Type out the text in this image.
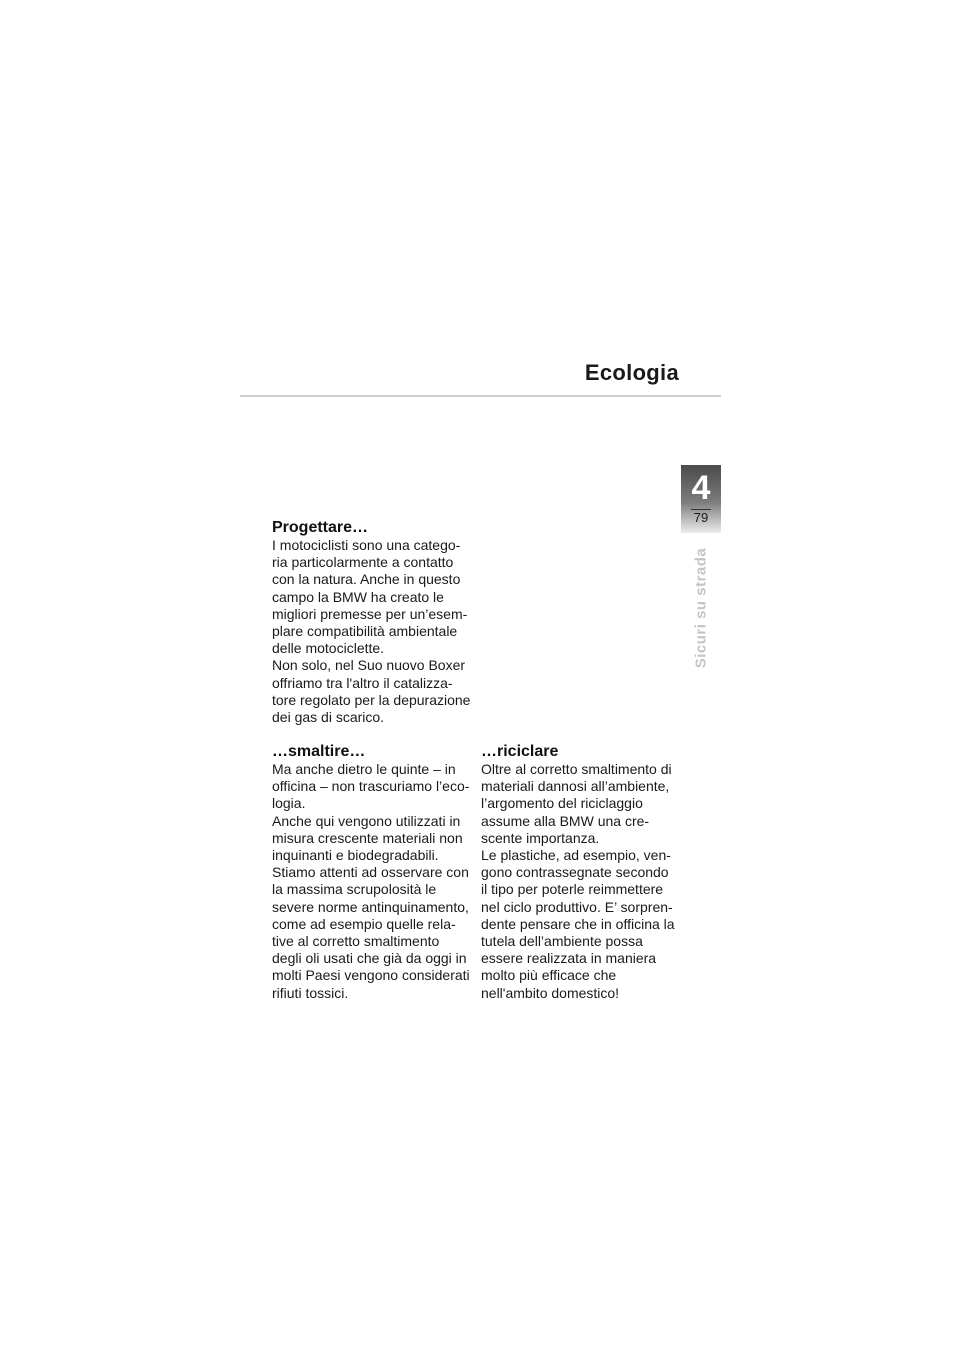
Ecologia
4
79
Sicuri su strada
Progettare…

I motociclisti sono una catego-
ria particolarmente a contatto
con la natura. Anche in questo
campo la BMW ha creato le
migliori premesse per un’esem-
plare compatibilità ambientale
delle motociclette.
Non solo, nel Suo nuovo Boxer
offriamo tra l'altro il catalizza-
tore regolato per la depurazione
dei gas di scarico.

…smaltire…

Ma anche dietro le quinte – in
officina – non trascuriamo l’eco-
logia.
Anche qui vengono utilizzati in
misura crescente materiali non
inquinanti e biodegradabili.
Stiamo attenti ad osservare con
la massima scrupolosità le
severe norme antinquinamento,
come ad esempio quelle rela-
tive al corretto smaltimento
degli oli usati che già da oggi in
molti Paesi vengono considerati
rifiuti tossici.

…riciclare

Oltre al corretto smaltimento di
materiali dannosi all’ambiente,
l’argomento del riciclaggio
assume alla BMW una cre-
scente importanza.
Le plastiche, ad esempio, ven-
gono contrassegnate secondo
il tipo per poterle reimmettere
nel ciclo produttivo. E’ sorpren-
dente pensare che in officina la
tutela dell’ambiente possa
essere realizzata in maniera
molto più efficace che
nell'ambito domestico!
